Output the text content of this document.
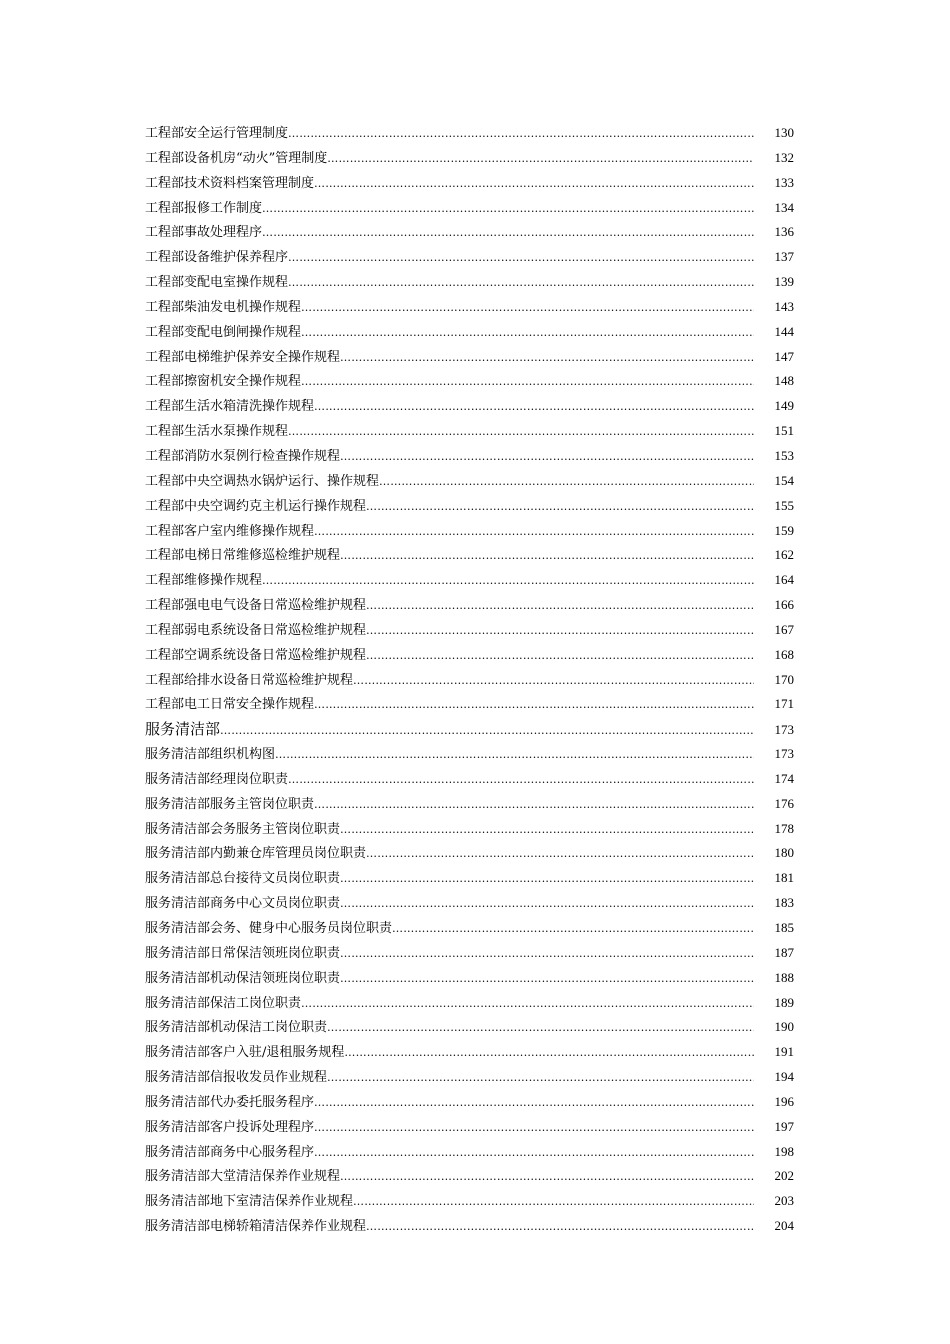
工程部安全运行管理制度 ………………………………………………………………………………………………………………………………………………………………………………………………………………………………………………………………	130
工程部设备机房“动火”管理制度 ………………………………………………………………………………………………………………………………………………………………………………………………………………………………………………………………	132
工程部技术资料档案管理制度 ………………………………………………………………………………………………………………………………………………………………………………………………………………………………………………………………	133
工程部报修工作制度 ………………………………………………………………………………………………………………………………………………………………………………………………………………………………………………………………	134
工程部事故处理程序 ………………………………………………………………………………………………………………………………………………………………………………………………………………………………………………………………	136
工程部设备维护保养程序 ………………………………………………………………………………………………………………………………………………………………………………………………………………………………………………………………	137
工程部变配电室操作规程 ………………………………………………………………………………………………………………………………………………………………………………………………………………………………………………………………	139
工程部柴油发电机操作规程 ………………………………………………………………………………………………………………………………………………………………………………………………………………………………………………………………	143
工程部变配电倒闸操作规程 ………………………………………………………………………………………………………………………………………………………………………………………………………………………………………………………………	144
工程部电梯维护保养安全操作规程 ………………………………………………………………………………………………………………………………………………………………………………………………………………………………………………………………	147
工程部擦窗机安全操作规程 ………………………………………………………………………………………………………………………………………………………………………………………………………………………………………………………………	148
工程部生活水箱清洗操作规程 ………………………………………………………………………………………………………………………………………………………………………………………………………………………………………………………………	149
工程部生活水泵操作规程 ………………………………………………………………………………………………………………………………………………………………………………………………………………………………………………………………	151
工程部消防水泵例行检查操作规程 ………………………………………………………………………………………………………………………………………………………………………………………………………………………………………………………………	153
工程部中央空调热水锅炉运行、操作规程 ………………………………………………………………………………………………………………………………………………………………………………………………………………………………………………………………	154
工程部中央空调约克主机运行操作规程 ………………………………………………………………………………………………………………………………………………………………………………………………………………………………………………………………	155
工程部客户室内维修操作规程 ………………………………………………………………………………………………………………………………………………………………………………………………………………………………………………………………	159
工程部电梯日常维修巡检维护规程 ………………………………………………………………………………………………………………………………………………………………………………………………………………………………………………………………	162
工程部维修操作规程 ………………………………………………………………………………………………………………………………………………………………………………………………………………………………………………………………	164
工程部强电电气设备日常巡检维护规程 ………………………………………………………………………………………………………………………………………………………………………………………………………………………………………………………………	166
工程部弱电系统设备日常巡检维护规程 ………………………………………………………………………………………………………………………………………………………………………………………………………………………………………………………………	167
工程部空调系统设备日常巡检维护规程 ………………………………………………………………………………………………………………………………………………………………………………………………………………………………………………………………	168
工程部给排水设备日常巡检维护规程 ………………………………………………………………………………………………………………………………………………………………………………………………………………………………………………………………	170
工程部电工日常安全操作规程 ………………………………………………………………………………………………………………………………………………………………………………………………………………………………………………………………	171
服务清洁部 ………………………………………………………………………………………………………………………………………………………………………………………………………………………………………………………………	173
服务清洁部组织机构图 ………………………………………………………………………………………………………………………………………………………………………………………………………………………………………………………………	173
服务清洁部经理岗位职责 ………………………………………………………………………………………………………………………………………………………………………………………………………………………………………………………………	174
服务清洁部服务主管岗位职责 ………………………………………………………………………………………………………………………………………………………………………………………………………………………………………………………………	176
服务清洁部会务服务主管岗位职责 ………………………………………………………………………………………………………………………………………………………………………………………………………………………………………………………………	178
服务清洁部内勤兼仓库管理员岗位职责 ………………………………………………………………………………………………………………………………………………………………………………………………………………………………………………………………	180
服务清洁部总台接待文员岗位职责 ………………………………………………………………………………………………………………………………………………………………………………………………………………………………………………………………	181
服务清洁部商务中心文员岗位职责 ………………………………………………………………………………………………………………………………………………………………………………………………………………………………………………………………	183
服务清洁部会务、健身中心服务员岗位职责 ………………………………………………………………………………………………………………………………………………………………………………………………………………………………………………………………	185
服务清洁部日常保洁领班岗位职责 ………………………………………………………………………………………………………………………………………………………………………………………………………………………………………………………………	187
服务清洁部机动保洁领班岗位职责 ………………………………………………………………………………………………………………………………………………………………………………………………………………………………………………………………	188
服务清洁部保洁工岗位职责 ………………………………………………………………………………………………………………………………………………………………………………………………………………………………………………………………	189
服务清洁部机动保洁工岗位职责 ………………………………………………………………………………………………………………………………………………………………………………………………………………………………………………………………	190
服务清洁部客户入驻/退租服务规程 ………………………………………………………………………………………………………………………………………………………………………………………………………………………………………………………………	191
服务清洁部信报收发员作业规程 ………………………………………………………………………………………………………………………………………………………………………………………………………………………………………………………………	194
服务清洁部代办委托服务程序 ………………………………………………………………………………………………………………………………………………………………………………………………………………………………………………………………	196
服务清洁部客户投诉处理程序 ………………………………………………………………………………………………………………………………………………………………………………………………………………………………………………………………	197
服务清洁部商务中心服务程序 ………………………………………………………………………………………………………………………………………………………………………………………………………………………………………………………………	198
服务清洁部大堂清洁保养作业规程 ………………………………………………………………………………………………………………………………………………………………………………………………………………………………………………………………	202
服务清洁部地下室清洁保养作业规程 ………………………………………………………………………………………………………………………………………………………………………………………………………………………………………………………………	203
服务清洁部电梯轿箱清洁保养作业规程 ………………………………………………………………………………………………………………………………………………………………………………………………………………………………………………………………	204
